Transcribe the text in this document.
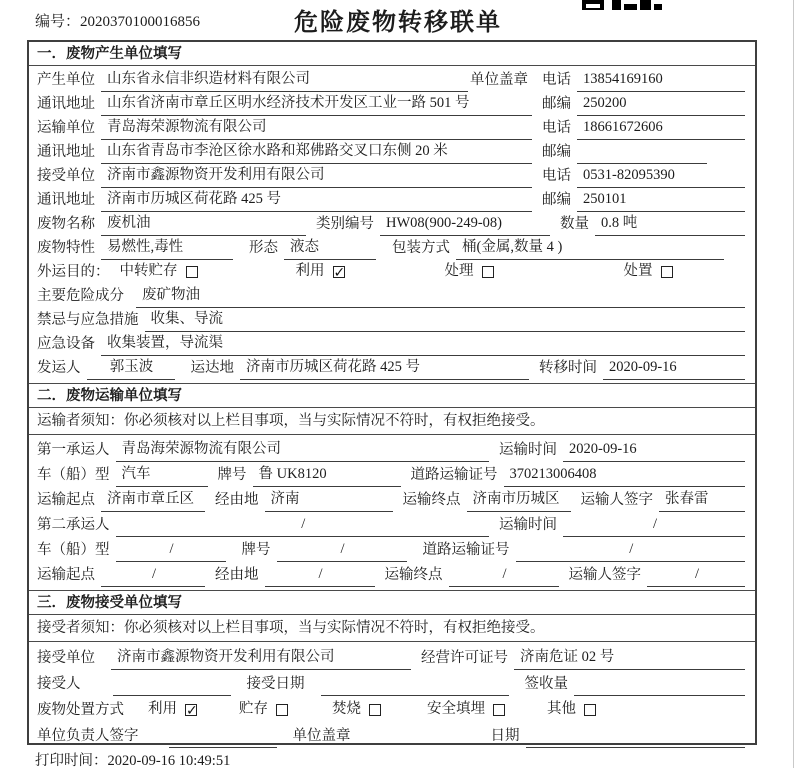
编号：2020370100016856	危险废物转移联单
一．废物产生单位填写
产生单位 山东省永信非织造材料有限公司	单位盖章 电话 13854169160
通讯地址 山东省济南市章丘区明水经济技术开发区工业一路 501 号	邮编 250200
运输单位 青岛海荣源物流有限公司	电话 18661672606
通讯地址 山东省青岛市李沧区徐水路和郑佛路交叉口东侧 20 米	邮编
接受单位 济南市鑫源物资开发利用有限公司	电话 0531-82095390
通讯地址 济南市历城区荷花路 425 号	邮编 250101
废物名称 废机油	类别编号 HW08(900-249-08)	数量 0.8 吨
废物特性 易燃性,毒性	形态 液态	包装方式 桶(金属,数量 4 )
外运目的： 中转贮存	利用 ✓	处理	处置
主要危险成分	废矿物油
禁忌与应急措施 收集、导流
应急设备 收集装置，导流渠
发运人	郭玉波	运达地 济南市历城区荷花路 425 号	转移时间 2020-09-16
二．废物运输单位填写
运输者须知：你必须核对以上栏目事项，当与实际情况不符时，有权拒绝接受。
第一承运人 青岛海荣源物流有限公司	运输时间 2020-09-16
车（船）型 汽车	牌号 鲁 UK8120	道路运输证号 370213006408
运输起点 济南市章丘区	经由地 济南	运输终点 济南市历城区	运输人签字 张春雷
第二承运人	/	运输时间	/
车（船）型	/	牌号	/	道路运输证号	/
运输起点	/	经由地	/	运输终点	/	运输人签字	/
三．废物接受单位填写
接受者须知：你必须核对以上栏目事项，当与实际情况不符时，有权拒绝接受。
接受单位	济南市鑫源物资开发利用有限公司	经营许可证号 济南危证 02 号
接受人	接受日期	签收量
废物处置方式 利用 ✓	贮存	焚烧	安全填埋	其他
单位负责人签字	单位盖章	日期
打印时间：2020-09-16 10:49:51
